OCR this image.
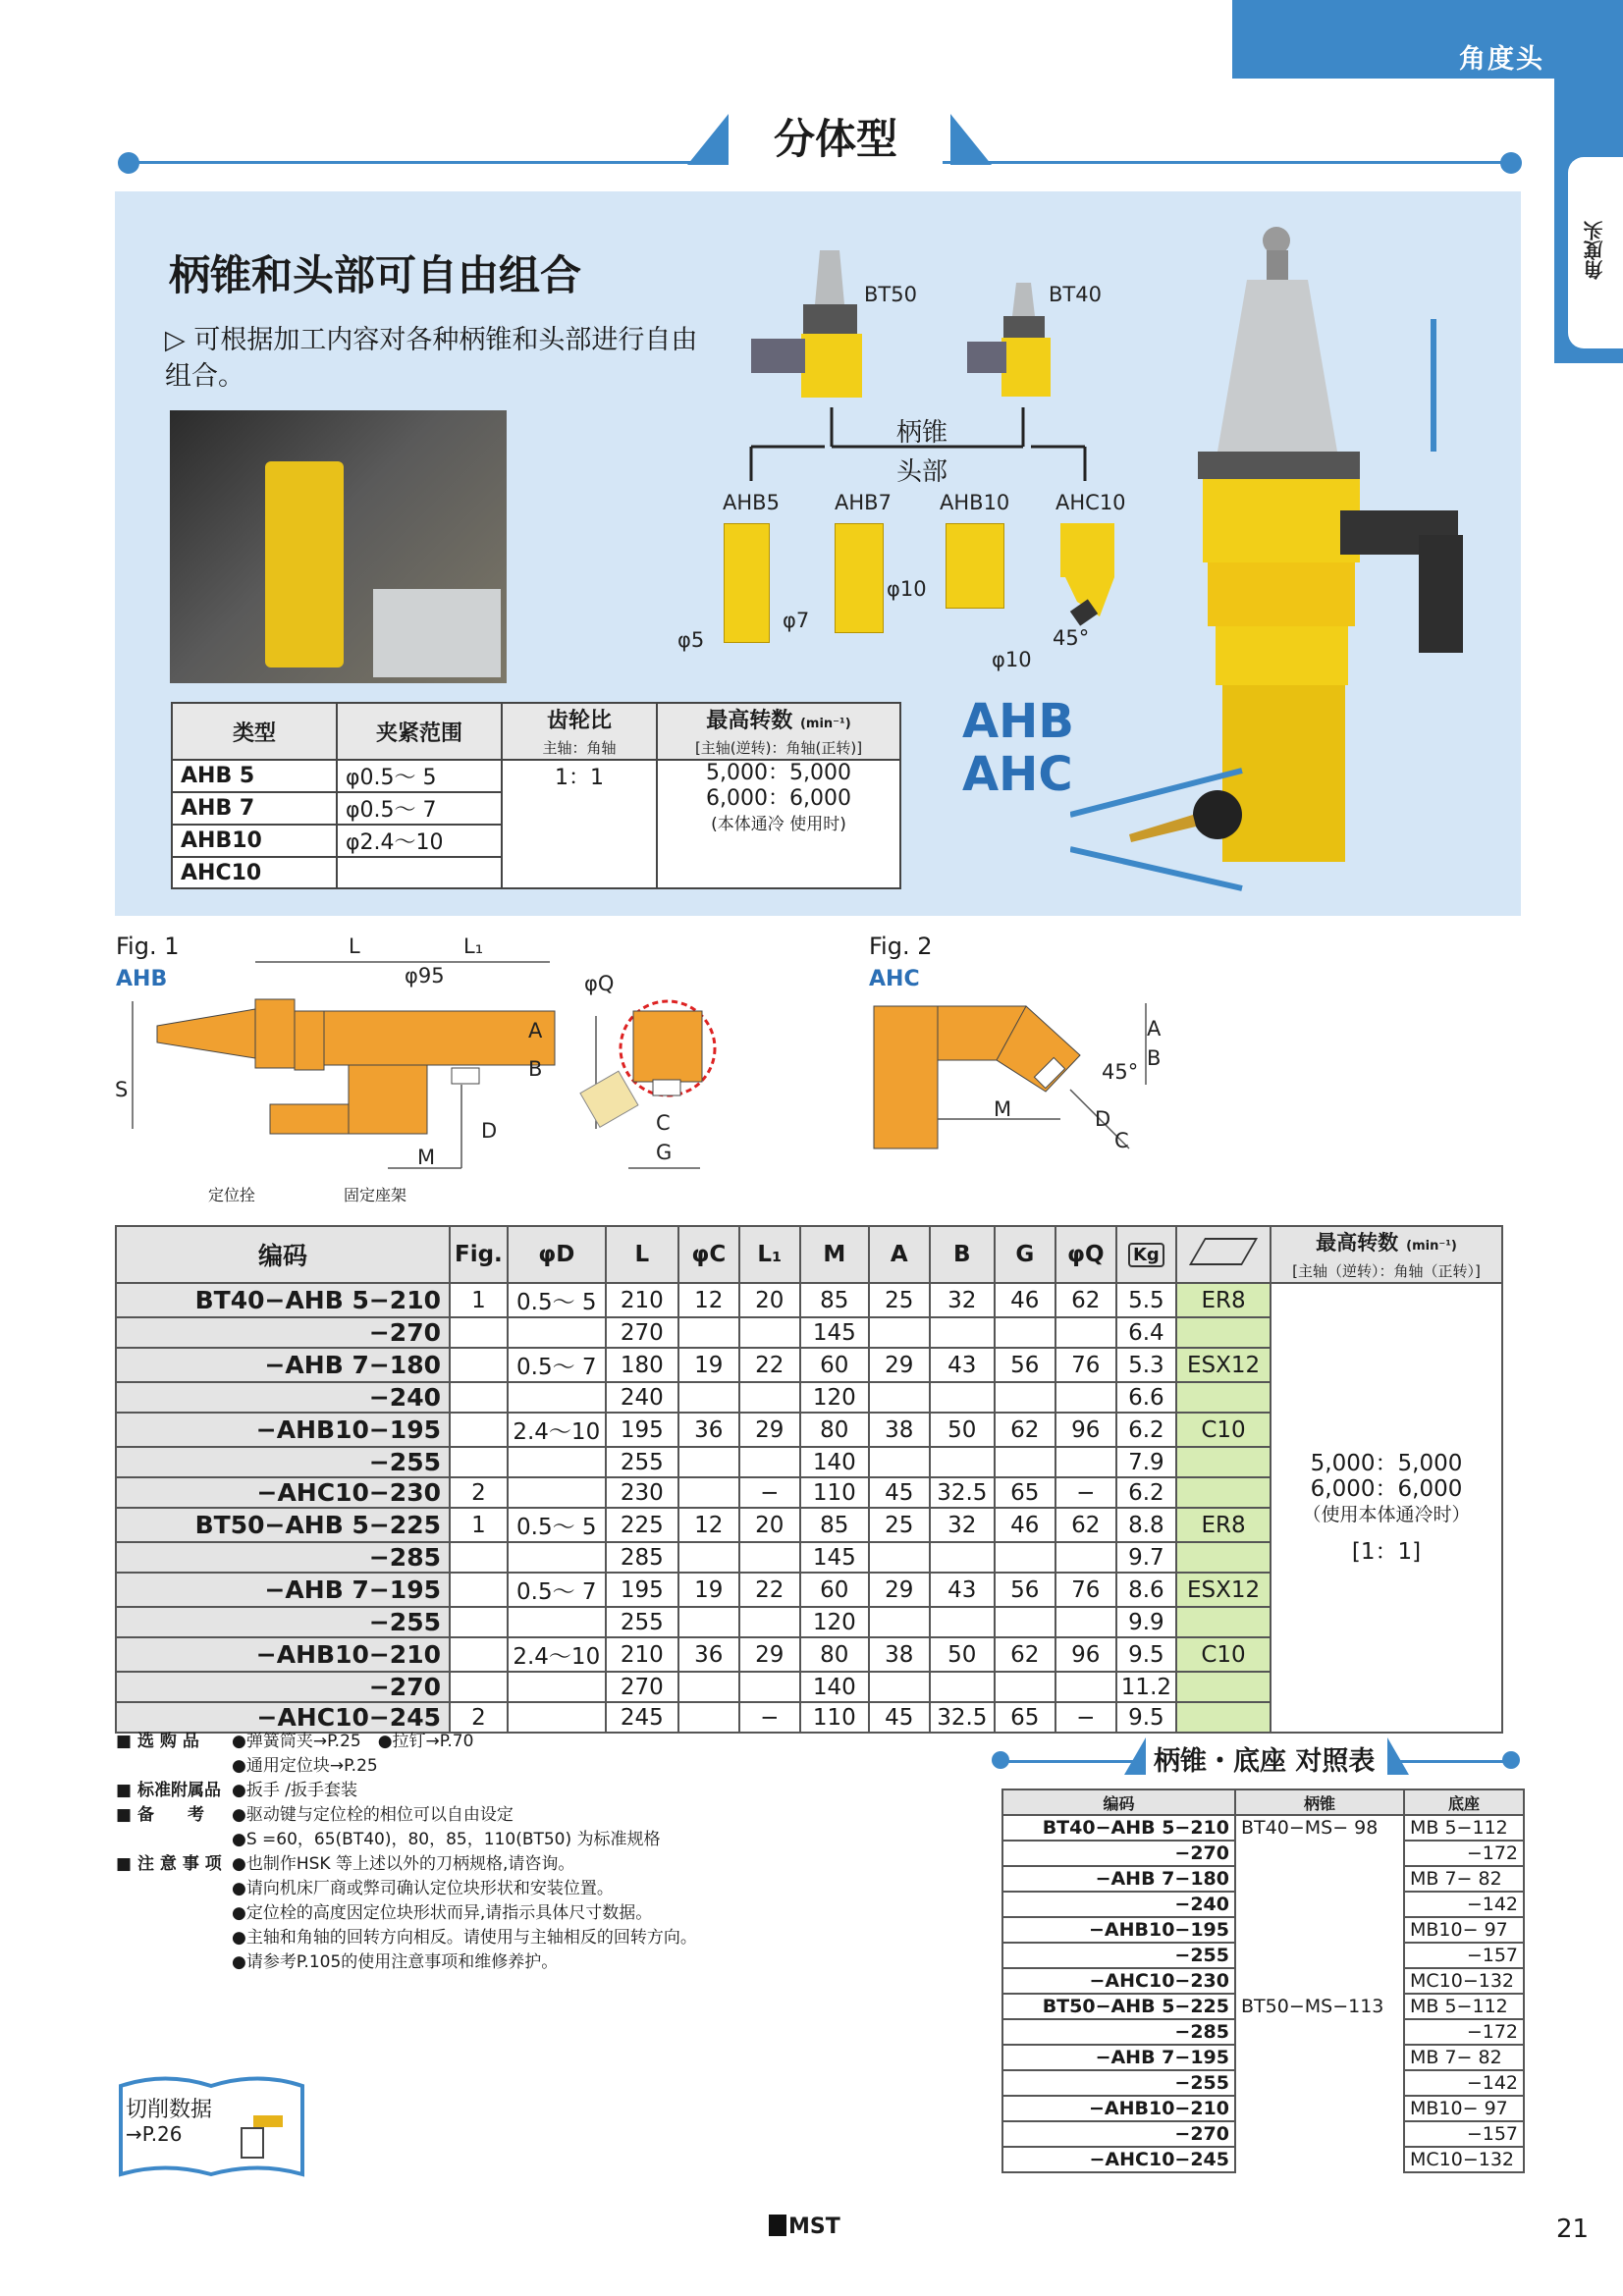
角度头
角度头
分体型
柄锥和头部可自由组合
▷ 可根据加工内容对各种柄锥和头部进行自由组合。
BT50	BT40
柄锥
头部
AHB5	AHB7 AHB10 AHC10
φ5
φ7
φ10
φ10
45°
类型	夹紧范围	齿轮比
主轴：角轴	最高转数 (min⁻¹)
[主轴(逆转)：角轴(正转)]

AHB 5	φ0.5～ 5	1：1	5,000：5,000
6,000：6,000
(本体通冷 使用时)

AHB 7	φ0.5～ 7		
AHB10	φ2.4～10		
AHC10			
AHB
AHC
Fig. 1
AHB
Fig. 2
AHC
L	L₁
φ95
S
A
B
D
M
φQ
C
G
定位拴	固定座架
A
B
45°
M	D
C
编码	Fig.	φD	L	φC	L₁	M	A	B	G	φQ	Kg		最高转数 (min⁻¹)
[主轴（逆转）：角轴（正转）]
BT40−AHB 5−210	1	0.5～ 5	210	12	20	85	25	32	46	62	5.5	ER8	5,000：5,000
6,000：6,000
（使用本体通冷时）
[1：1]

−270			270			145					6.4		
−AHB 7−180		0.5～ 7	180	19	22	60	29	43	56	76	5.3	ESX12	
−240			240			120					6.6		
−AHB10−195		2.4～10	195	36	29	80	38	50	62	96	6.2	C10	
−255			255			140					7.9		
−AHC10−230	2		230		−	110	45	32.5	65	−	6.2		
BT50−AHB 5−225	1	0.5～ 5	225	12	20	85	25	32	46	62	8.8	ER8	
−285			285			145					9.7		
−AHB 7−195		0.5～ 7	195	19	22	60	29	43	56	76	8.6	ESX12	
−255			255			120					9.9		
−AHB10−210		2.4～10	210	36	29	80	38	50	62	96	9.5	C10	
−270			270			140					11.2		
−AHC10−245	2		245		−	110	45	32.5	65	−	9.5		
■ 选 购 品 ●弹簧筒夹→P.25　●拉钉→P.70
●通用定位块→P.25
■ 标准附属品 ●扳手 /扳手套装
■ 备　　考 ●驱动键与定位栓的相位可以自由设定
●S =60，65(BT40)，80，85，110(BT50) 为标准规格
■ 注 意 事 项 ●也制作HSK 等上述以外的刀柄规格,请咨询。
●请向机床厂商或弊司确认定位块形状和安装位置。
●定位栓的高度因定位块形状而异,请指示具体尺寸数据。
●主轴和角轴的回转方向相反。请使用与主轴相反的回转方向。
●请参考P.105的使用注意事项和维修养护。
柄锥・底座 对照表
编码	柄锥	底座
BT40−AHB 5−210	BT40−MS− 98	MB 5−112
−270		−172
−AHB 7−180		MB 7− 82
−240		−142
−AHB10−195		MB10− 97
−255		−157
−AHC10−230		MC10−132
BT50−AHB 5−225	BT50−MS−113	MB 5−112
−285		−172
−AHB 7−195		MB 7− 82
−255		−142
−AHB10−210		MB10− 97
−270		−157
−AHC10−245		MC10−132
切削数据
→P.26
MST	21
